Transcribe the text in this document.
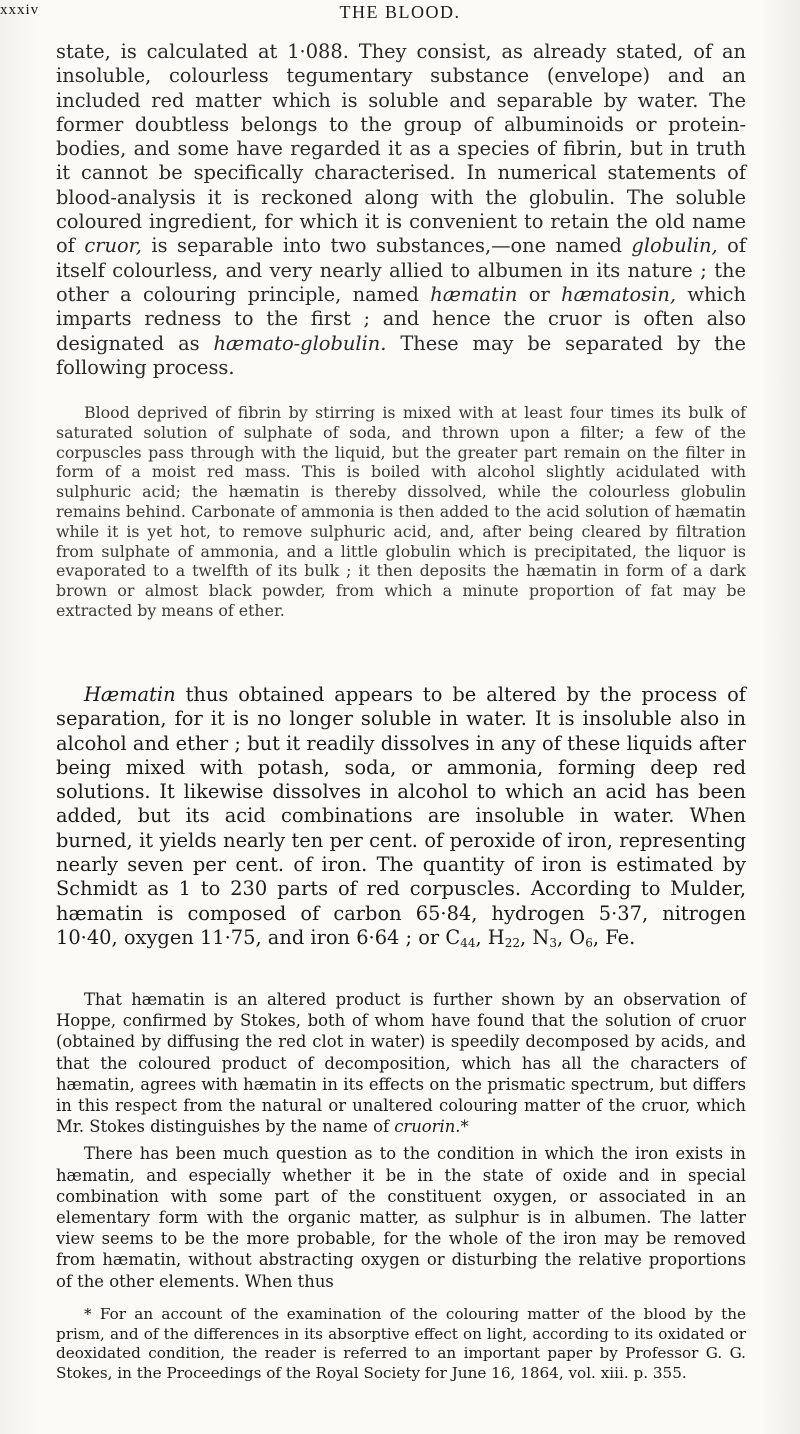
xxxiv	THE BLOOD.

state, is calculated at 1·088. They consist, as already stated, of an insoluble, colourless tegumentary substance (envelope) and an included red matter which is soluble and separable by water. The former doubtless belongs to the group of albuminoids or protein-bodies, and some have regarded it as a species of fibrin, but in truth it cannot be specifically characterised. In numerical statements of blood-analysis it is reckoned along with the globulin. The soluble coloured ingredient, for which it is convenient to retain the old name of cruor, is separable into two substances,—one named globulin, of itself colourless, and very nearly allied to albumen in its nature ; the other a colouring principle, named hæmatin or hæmatosin, which imparts redness to the first ; and hence the cruor is often also designated as hæmato-globulin. These may be separated by the following process.

Blood deprived of fibrin by stirring is mixed with at least four times its bulk of saturated solution of sulphate of soda, and thrown upon a filter; a few of the corpuscles pass through with the liquid, but the greater part remain on the filter in form of a moist red mass. This is boiled with alcohol slightly acidulated with sulphuric acid; the hæmatin is thereby dissolved, while the colourless globulin remains behind. Carbonate of ammonia is then added to the acid solution of hæmatin while it is yet hot, to remove sulphuric acid, and, after being cleared by filtration from sulphate of ammonia, and a little globulin which is precipitated, the liquor is evaporated to a twelfth of its bulk ; it then deposits the hæmatin in form of a dark brown or almost black powder, from which a minute proportion of fat may be extracted by means of ether.

Hæmatin thus obtained appears to be altered by the process of separation, for it is no longer soluble in water. It is insoluble also in alcohol and ether ; but it readily dissolves in any of these liquids after being mixed with potash, soda, or ammonia, forming deep red solutions. It likewise dissolves in alcohol to which an acid has been added, but its acid combinations are insoluble in water. When burned, it yields nearly ten per cent. of peroxide of iron, representing nearly seven per cent. of iron. The quantity of iron is estimated by Schmidt as 1 to 230 parts of red corpuscles. According to Mulder, hæmatin is composed of carbon 65·84, hydrogen 5·37, nitrogen 10·40, oxygen 11·75, and iron 6·64 ; or $C_{44}$, $H_{22}$, $N_3$, $O_6$, Fe.

That hæmatin is an altered product is further shown by an observation of Hoppe, confirmed by Stokes, both of whom have found that the solution of cruor (obtained by diffusing the red clot in water) is speedily decomposed by acids, and that the coloured product of decomposition, which has all the characters of hæmatin, agrees with hæmatin in its effects on the prismatic spectrum, but differs in this respect from the natural or unaltered colouring matter of the cruor, which Mr. Stokes distinguishes by the name of cruorin.*

There has been much question as to the condition in which the iron exists in hæmatin, and especially whether it be in the state of oxide and in special combination with some part of the constituent oxygen, or associated in an elementary form with the organic matter, as sulphur is in albumen. The latter view seems to be the more probable, for the whole of the iron may be removed from hæmatin, without abstracting oxygen or disturbing the relative proportions of the other elements. When thus

* For an account of the examination of the colouring matter of the blood by the prism, and of the differences in its absorptive effect on light, according to its oxidated or deoxidated condition, the reader is referred to an important paper by Professor G. G. Stokes, in the Proceedings of the Royal Society for June 16, 1864, vol. xiii. p. 355.
